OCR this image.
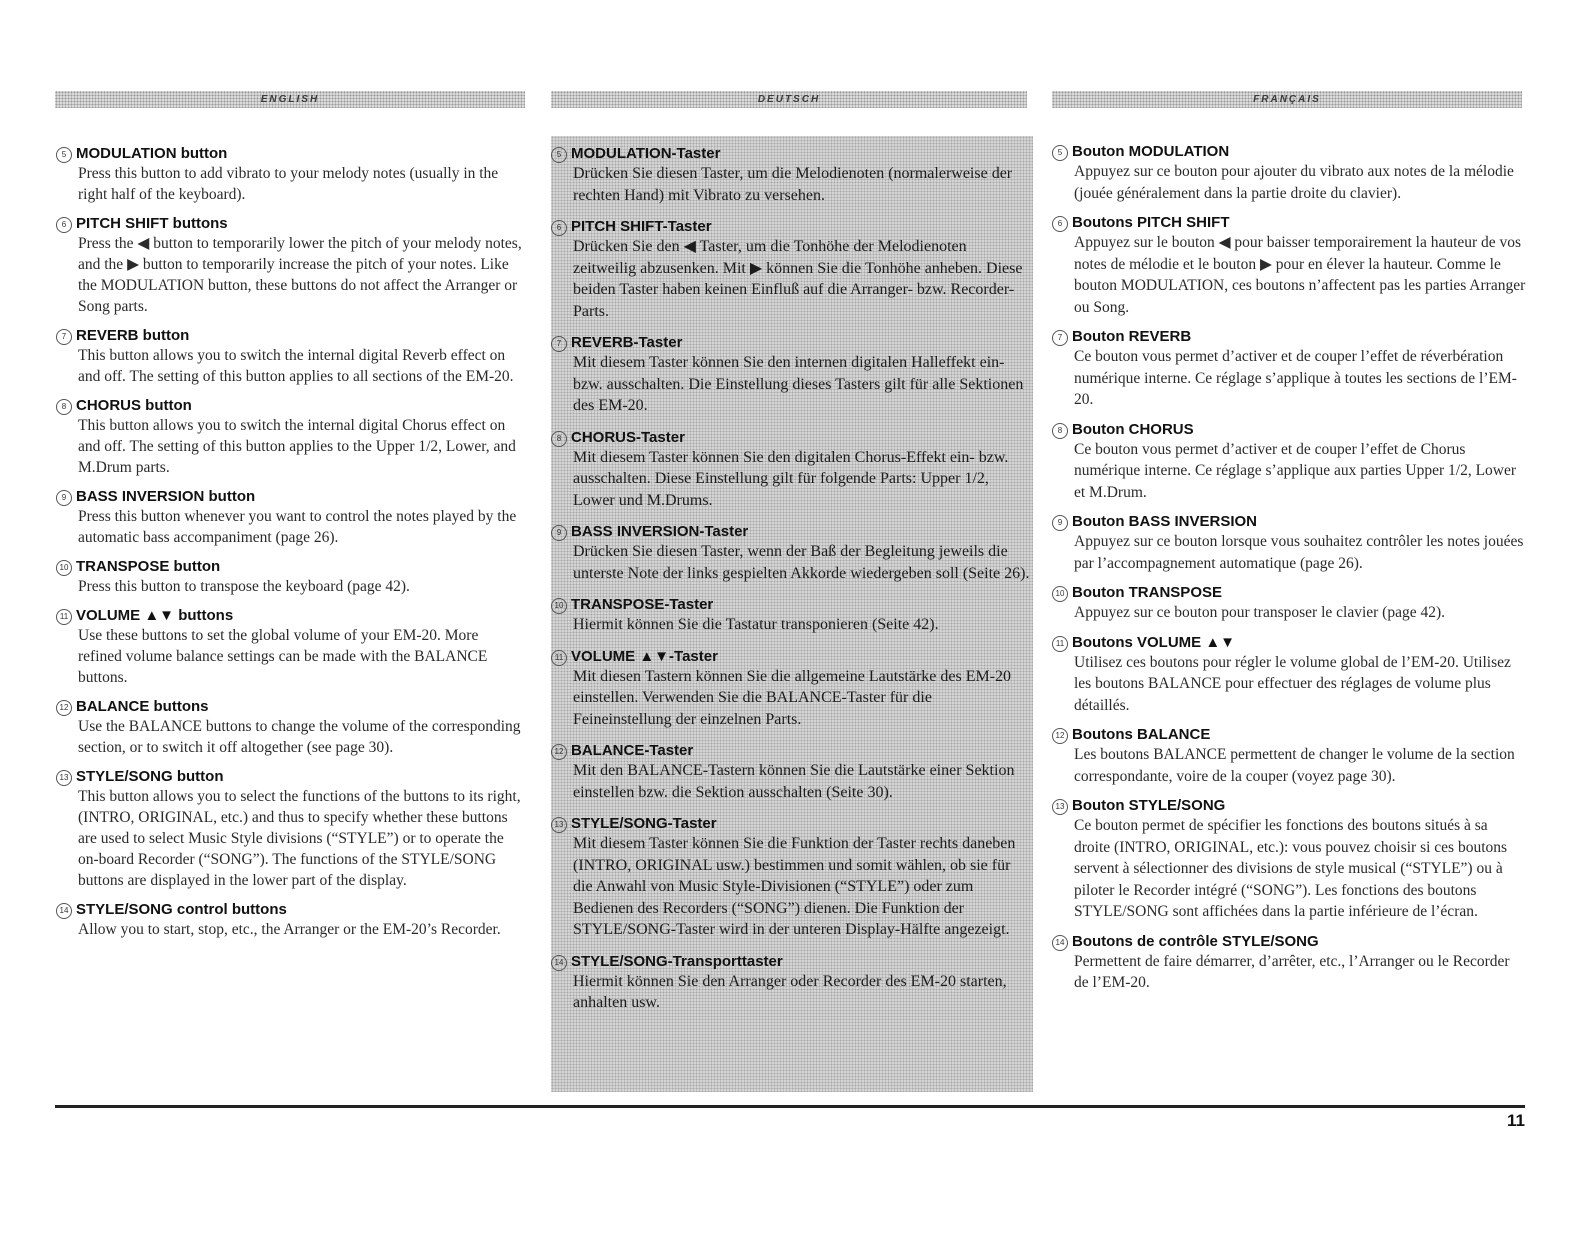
ENGLISH	DEUTSCH	FRANÇAIS
5 MODULATION button
Press this button to add vibrato to your melody notes (usually in the right half of the keyboard).
6 PITCH SHIFT buttons
Press the ◀ button to temporarily lower the pitch of your melody notes, and the ▶ button to temporarily increase the pitch of your notes. Like the MODULATION button, these buttons do not affect the Arranger or Song parts.
7 REVERB button
This button allows you to switch the internal digital Reverb effect on and off. The setting of this button applies to all sections of the EM-20.
8 CHORUS button
This button allows you to switch the internal digital Chorus effect on and off. The setting of this button applies to the Upper 1/2, Lower, and M.Drum parts.
9 BASS INVERSION button
Press this button whenever you want to control the notes played by the automatic bass accompaniment (page 26).
10 TRANSPOSE button
Press this button to transpose the keyboard (page 42).
11 VOLUME ▲▼ buttons
Use these buttons to set the global volume of your EM-20. More refined volume balance settings can be made with the BALANCE buttons.
12 BALANCE buttons
Use the BALANCE buttons to change the volume of the corresponding section, or to switch it off altogether (see page 30).
13 STYLE/SONG button
This button allows you to select the functions of the buttons to its right, (INTRO, ORIGINAL, etc.) and thus to specify whether these buttons are used to select Music Style divisions (“STYLE”) or to operate the on-board Recorder (“SONG”). The functions of the STYLE/SONG buttons are displayed in the lower part of the display.
14 STYLE/SONG control buttons
Allow you to start, stop, etc., the Arranger or the EM-20’s Recorder.
5 MODULATION-Taster
Drücken Sie diesen Taster, um die Melodienoten (normalerweise der rechten Hand) mit Vibrato zu versehen.
6 PITCH SHIFT-Taster
Drücken Sie den ◀ Taster, um die Tonhöhe der Melodienoten zeitweilig abzusenken. Mit ▶ können Sie die Tonhöhe anheben. Diese beiden Taster haben keinen Einfluß auf die Arranger- bzw. Recorder-Parts.
7 REVERB-Taster
Mit diesem Taster können Sie den internen digitalen Halleffekt ein- bzw. ausschalten. Die Einstellung dieses Tasters gilt für alle Sektionen des EM-20.
8 CHORUS-Taster
Mit diesem Taster können Sie den digitalen Chorus-Effekt ein- bzw. ausschalten. Diese Einstellung gilt für folgende Parts: Upper 1/2, Lower und M.Drums.
9 BASS INVERSION-Taster
Drücken Sie diesen Taster, wenn der Baß der Begleitung jeweils die unterste Note der links gespielten Akkorde wiedergeben soll (Seite 26).
10 TRANSPOSE-Taster
Hiermit können Sie die Tastatur transponieren (Seite 42).
11 VOLUME ▲▼-Taster
Mit diesen Tastern können Sie die allgemeine Lautstärke des EM-20 einstellen. Verwenden Sie die BALANCE-Taster für die Feineinstellung der einzelnen Parts.
12 BALANCE-Taster
Mit den BALANCE-Tastern können Sie die Lautstärke einer Sektion einstellen bzw. die Sektion ausschalten (Seite 30).
13 STYLE/SONG-Taster
Mit diesem Taster können Sie die Funktion der Taster rechts daneben (INTRO, ORIGINAL usw.) bestimmen und somit wählen, ob sie für die Anwahl von Music Style-Divisionen (“STYLE”) oder zum Bedienen des Recorders (“SONG”) dienen. Die Funktion der STYLE/SONG-Taster wird in der unteren Display-Hälfte angezeigt.
14 STYLE/SONG-Transporttaster
Hiermit können Sie den Arranger oder Recorder des EM-20 starten, anhalten usw.
5 Bouton MODULATION
Appuyez sur ce bouton pour ajouter du vibrato aux notes de la mélodie (jouée généralement dans la partie droite du clavier).
6 Boutons PITCH SHIFT
Appuyez sur le bouton ◀ pour baisser temporairement la hauteur de vos notes de mélodie et le bouton ▶ pour en élever la hauteur. Comme le bouton MODULATION, ces boutons n’affectent pas les parties Arranger ou Song.
7 Bouton REVERB
Ce bouton vous permet d’activer et de couper l’effet de réverbération numérique interne. Ce réglage s’applique à toutes les sections de l’EM-20.
8 Bouton CHORUS
Ce bouton vous permet d’activer et de couper l’effet de Chorus numérique interne. Ce réglage s’applique aux parties Upper 1/2, Lower et M.Drum.
9 Bouton BASS INVERSION
Appuyez sur ce bouton lorsque vous souhaitez contrôler les notes jouées par l’accompagnement automatique (page 26).
10 Bouton TRANSPOSE
Appuyez sur ce bouton pour transposer le clavier (page 42).
11 Boutons VOLUME ▲▼
Utilisez ces boutons pour régler le volume global de l’EM-20. Utilisez les boutons BALANCE pour effectuer des réglages de volume plus détaillés.
12 Boutons BALANCE
Les boutons BALANCE permettent de changer le volume de la section correspondante, voire de la couper (voyez page 30).
13 Bouton STYLE/SONG
Ce bouton permet de spécifier les fonctions des boutons situés à sa droite (INTRO, ORIGINAL, etc.): vous pouvez choisir si ces boutons servent à sélectionner des divisions de style musical (“STYLE”) ou à piloter le Recorder intégré (“SONG”). Les fonctions des boutons STYLE/SONG sont affichées dans la partie inférieure de l’écran.
14 Boutons de contrôle STYLE/SONG
Permettent de faire démarrer, d’arrêter, etc., l’Arranger ou le Recorder de l’EM-20.
11
